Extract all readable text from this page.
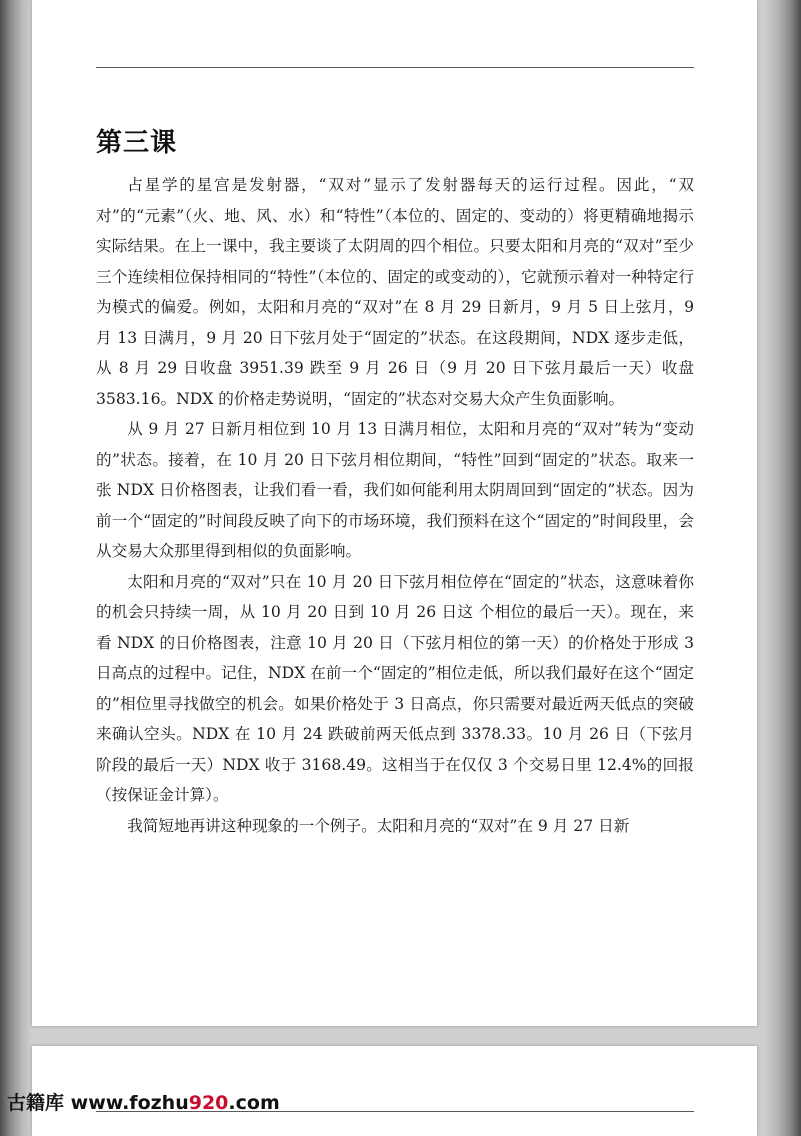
第三课

占星学的星宫是发射器，“双对”显示了发射器每天的运行过程。因此，“双对”的“元素”（火、地、风、水）和“特性”（本位的、固定的、变动的）将更精确地揭示实际结果。在上一课中，我主要谈了太阴周的四个相位。只要太阳和月亮的“双对”至少三个连续相位保持相同的“特性”（本位的、固定的或变动的），它就预示着对一种特定行为模式的偏爱。例如，太阳和月亮的“双对”在 8 月 29 日新月，9 月 5 日上弦月，9 月 13 日满月，9 月 20 日下弦月处于“固定的”状态。在这段期间，NDX 逐步走低，从 8 月 29 日收盘 3951.39 跌至 9 月 26 日（9 月 20 日下弦月最后一天）收盘 3583.16。NDX 的价格走势说明，“固定的”状态对交易大众产生负面影响。

从 9 月 27 日新月相位到 10 月 13 日满月相位，太阳和月亮的“双对”转为“变动的”状态。接着，在 10 月 20 日下弦月相位期间，“特性”回到“固定的”状态。取来一张 NDX 日价格图表，让我们看一看，我们如何能利用太阴周回到“固定的”状态。因为前一个“固定的”时间段反映了向下的市场环境，我们预料在这个“固定的”时间段里，会从交易大众那里得到相似的负面影响。

太阳和月亮的“双对”只在 10 月 20 日下弦月相位停在“固定的”状态，这意味着你的机会只持续一周，从 10 月 20 日到 10 月 26 日这 个相位的最后一天）。现在，来看 NDX 的日价格图表，注意 10 月 20 日（下弦月相位的第一天）的价格处于形成 3 日高点的过程中。记住，NDX 在前一个“固定的”相位走低，所以我们最好在这个“固定的”相位里寻找做空的机会。如果价格处于 3 日高点，你只需要对最近两天低点的突破来确认空头。NDX 在 10 月 24 跌破前两天低点到 3378.33。10 月 26 日（下弦月阶段的最后一天）NDX 收于 3168.49。这相当于在仅仅 3 个交易日里 12.4%的回报（按保证金计算）。

我简短地再讲这种现象的一个例子。太阳和月亮的“双对”在 9 月 27 日新

古籍库 www.fozhu920.com
